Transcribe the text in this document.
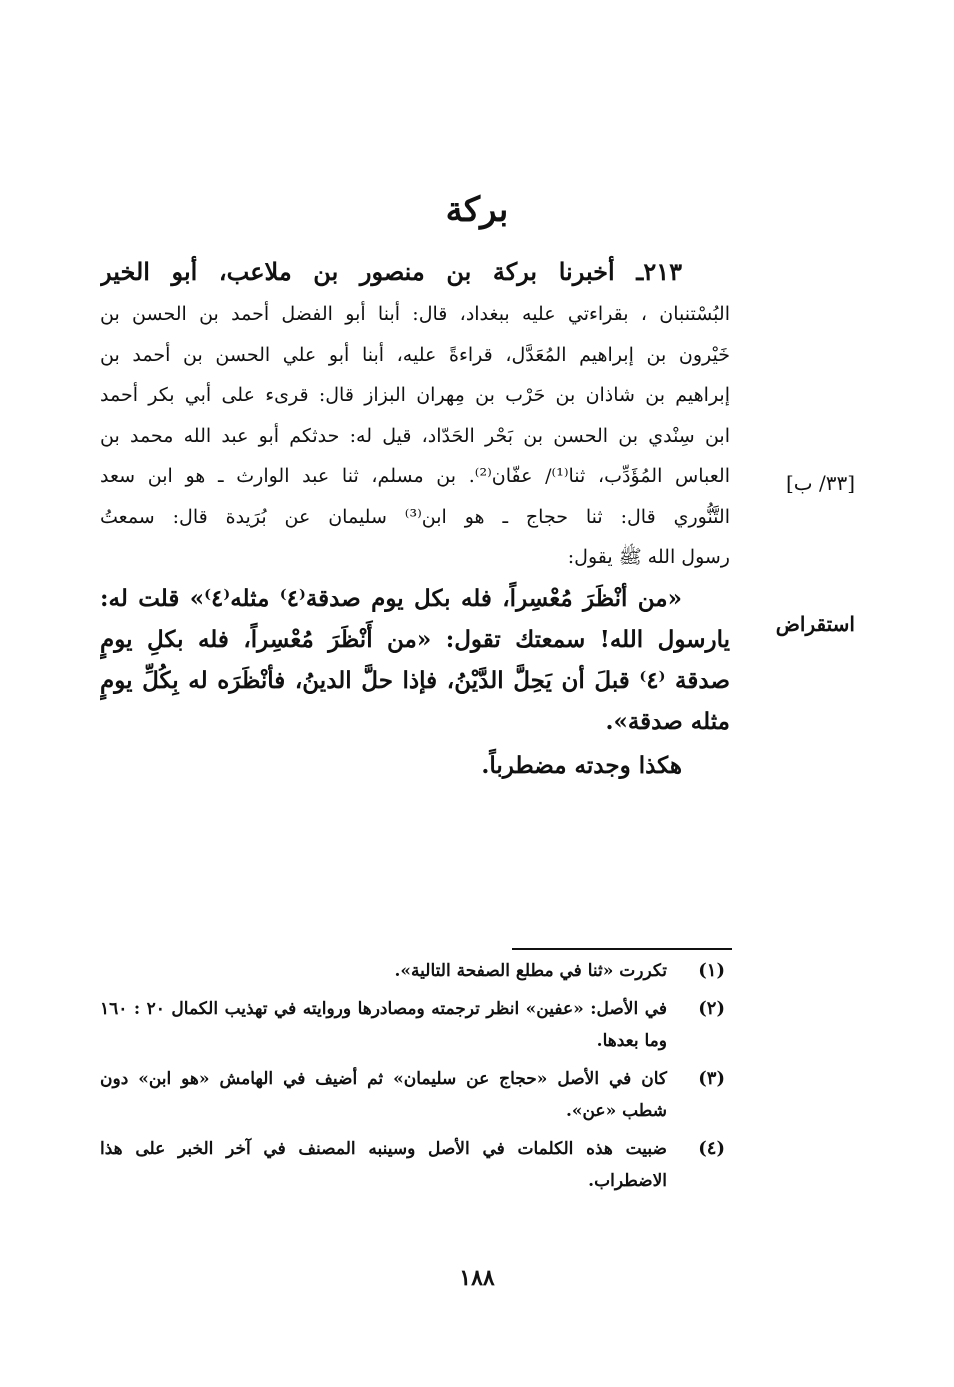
بركة
٢١٣ـ أخبرنا بركة بن منصور بن ملاعب، أبو الخير
البُسْتنبان ، بقراءتي عليه ببغداد، قال: أبنا أبو الفضل أحمد بن الحسن بن
خَيْرون بن إبراهيم المُعَدَّل، قراءةً عليه، أبنا أبو علي الحسن بن أحمد بن
إبراهيم بن شاذان بن حَرْب بن مِهران البزاز قال: قرىء على أبي بكر أحمد
ابن سِنْدي بن الحسن بن بَحْر الحَدّاد، قيل له: حدثكم أبو عبد الله محمد بن
العباس المُؤَدِّب، ثنا⁽¹⁾/ عفّان⁽²⁾. بن مسلم، ثنا عبد الوارث ـ هو ابن سعد
التَّنُّوري قال: ثنا حجاج ـ هو ابن⁽³⁾ سليمان عن بُرَيدة قال: سمعتُ
رسول الله ﷺ يقول:
«من أنْظَرَ مُعْسِراً، فله بكل يوم صدقة⁽٤⁾ مثله⁽٤⁾» قلت له:
يارسول الله! سمعتك تقول: «من أَنْظَرَ مُعْسِراً، فله بكلِ يومٍ
صدقة ⁽٤⁾ قبلَ أن يَحِلَّ الدَّيْنُ، فإذا حلَّ الدينُ، فأنْظَرَه له بِكُلِّ يومٍ
مثله صدقة».
هكذا وجدته مضطرباً.
[٣٣/ ب]
استقراض
(١)
تكررت «ثنا في مطلع الصفحة التالية».
(٢)
في الأصل: «عفين» انظر ترجمته ومصادرها وروايته في تهذيب الكمال ٢٠ : ١٦٠ وما بعدها.
(٣)
كان في الأصل «حجاج عن سليمان» ثم أضيف في الهامش «هو ابن» دون شطب «عن».
(٤)
ضبيت هذه الكلمات في الأصل وسينبه المصنف في آخر الخبر على هذا الاضطراب.
١٨٨
